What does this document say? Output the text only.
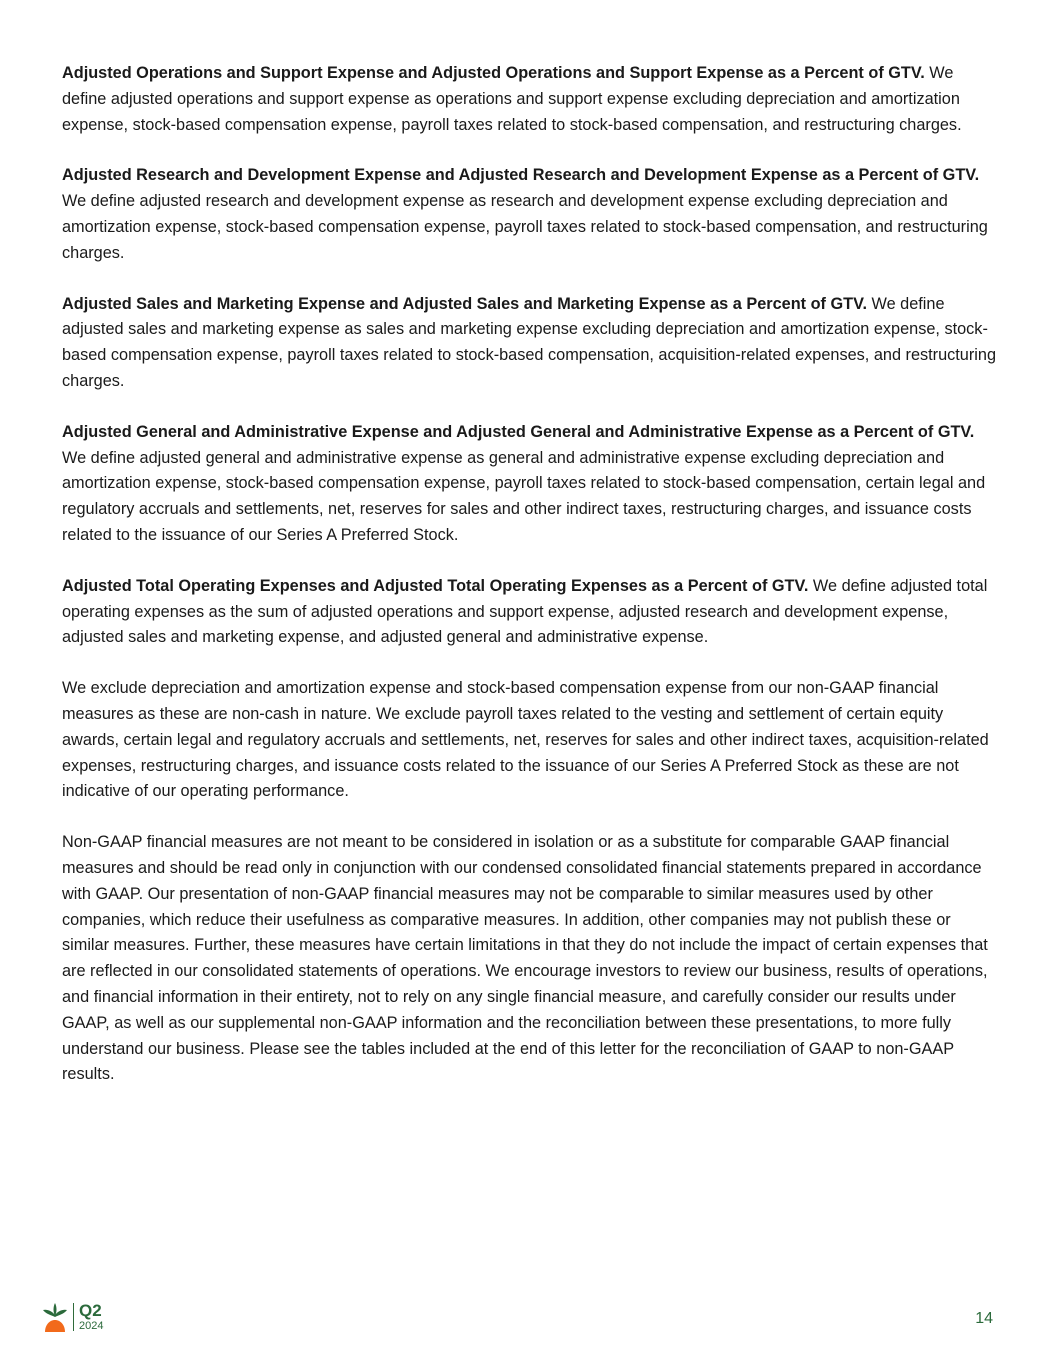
Adjusted Operations and Support Expense and Adjusted Operations and Support Expense as a Percent of GTV. We define adjusted operations and support expense as operations and support expense excluding depreciation and amortization expense, stock-based compensation expense, payroll taxes related to stock-based compensation, and restructuring charges.

Adjusted Research and Development Expense and Adjusted Research and Development Expense as a Percent of GTV. We define adjusted research and development expense as research and development expense excluding depreciation and amortization expense, stock-based compensation expense, payroll taxes related to stock-based compensation, and restructuring charges.

Adjusted Sales and Marketing Expense and Adjusted Sales and Marketing Expense as a Percent of GTV. We define adjusted sales and marketing expense as sales and marketing expense excluding depreciation and amortization expense, stock-based compensation expense, payroll taxes related to stock-based compensation, acquisition-related expenses, and restructuring charges.

Adjusted General and Administrative Expense and Adjusted General and Administrative Expense as a Percent of GTV. We define adjusted general and administrative expense as general and administrative expense excluding depreciation and amortization expense, stock-based compensation expense, payroll taxes related to stock-based compensation, certain legal and regulatory accruals and settlements, net, reserves for sales and other indirect taxes, restructuring charges, and issuance costs related to the issuance of our Series A Preferred Stock.

Adjusted Total Operating Expenses and Adjusted Total Operating Expenses as a Percent of GTV. We define adjusted total operating expenses as the sum of adjusted operations and support expense, adjusted research and development expense, adjusted sales and marketing expense, and adjusted general and administrative expense.

We exclude depreciation and amortization expense and stock-based compensation expense from our non-GAAP financial measures as these are non-cash in nature. We exclude payroll taxes related to the vesting and settlement of certain equity awards, certain legal and regulatory accruals and settlements, net, reserves for sales and other indirect taxes, acquisition-related expenses, restructuring charges, and issuance costs related to the issuance of our Series A Preferred Stock as these are not indicative of our operating performance.

Non-GAAP financial measures are not meant to be considered in isolation or as a substitute for comparable GAAP financial measures and should be read only in conjunction with our condensed consolidated financial statements prepared in accordance with GAAP. Our presentation of non-GAAP financial measures may not be comparable to similar measures used by other companies, which reduce their usefulness as comparative measures. In addition, other companies may not publish these or similar measures. Further, these measures have certain limitations in that they do not include the impact of certain expenses that are reflected in our consolidated statements of operations. We encourage investors to review our business, results of operations, and financial information in their entirety, not to rely on any single financial measure, and carefully consider our results under GAAP, as well as our supplemental non-GAAP information and the reconciliation between these presentations, to more fully understand our business. Please see the tables included at the end of this letter for the reconciliation of GAAP to non-GAAP results.

Q2
2024	14
